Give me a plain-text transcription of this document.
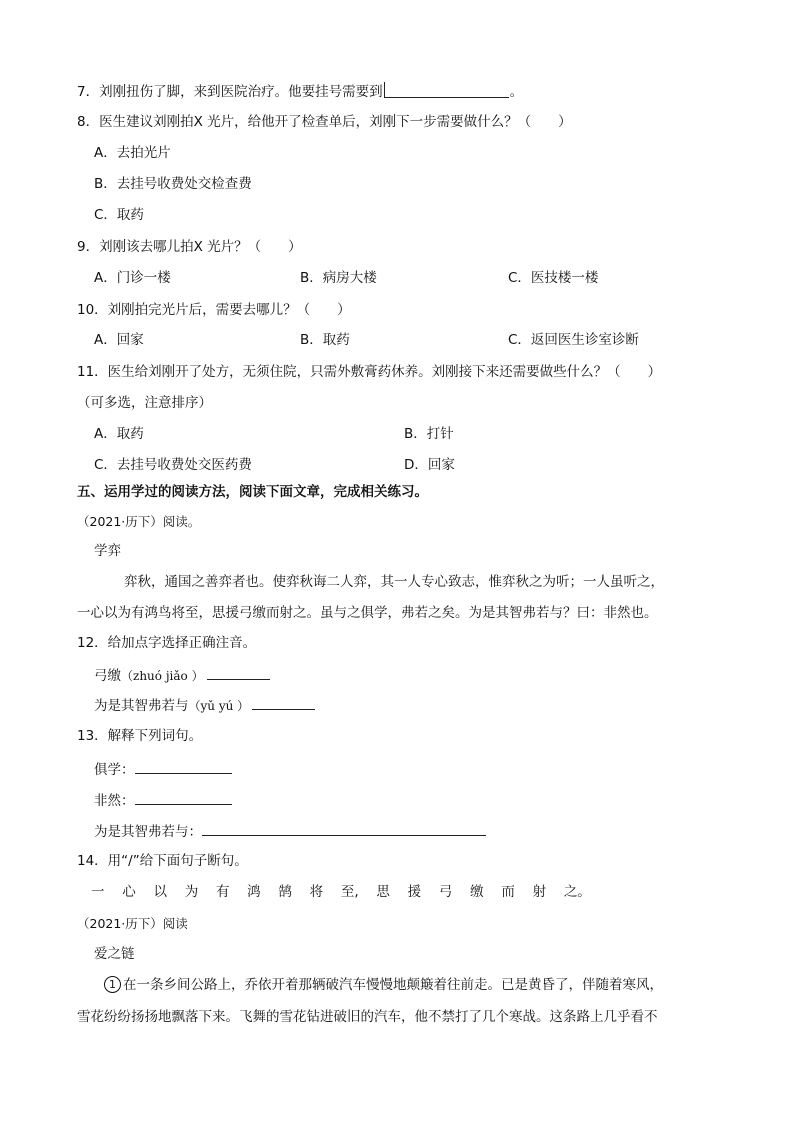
7．刘刚扭伤了脚，来到医院治疗。他要挂号需要到	。
8．医生建议刘刚拍X 光片，给他开了检查单后，刘刚下一步需要做什么？（　　）
A．去拍光片
B．去挂号收费处交检查费
C．取药
9．刘刚该去哪儿拍X 光片？（　　）
A．门诊一楼	B．病房大楼	C．医技楼一楼
10．刘刚拍完光片后，需要去哪儿？（　　）
A．回家	B．取药	C．返回医生诊室诊断
11．医生给刘刚开了处方，无须住院，只需外敷膏药休养。刘刚接下来还需要做些什么？（　　）
（可多选，注意排序）
A．取药	B．打针
C．去挂号收费处交医药费	D．回家
五、运用学过的阅读方法，阅读下面文章，完成相关练习。
（2021·历下）阅读。
学弈
弈秋，通国之善弈者也。使弈秋诲二人弈，其一人专心致志，惟弈秋之为听；一人虽听之，
一心以为有鸿鸟将至，思援弓缴而射之。虽与之俱学，弗若之矣。为是其智弗若与？曰：非然也。
12．给加点字选择正确注音。
弓缴（zhuó jiǎo ）
为是其智弗若与（yǔ yú ）
13．解释下列词句。
俱学：
非然：
为是其智弗若与：
14．用“/”给下面句子断句。
一 心 以 为 有 鸿 鹄 将 至, 思 援 弓 缴 而 射 之。
（2021·历下）阅读
爱之链
1 在一条乡间公路上，乔依开着那辆破汽车慢慢地颠簸着往前走。已是黄昏了，伴随着寒风，
雪花纷纷扬扬地飘落下来。飞舞的雪花钻进破旧的汽车，他不禁打了几个寒战。这条路上几乎看不
